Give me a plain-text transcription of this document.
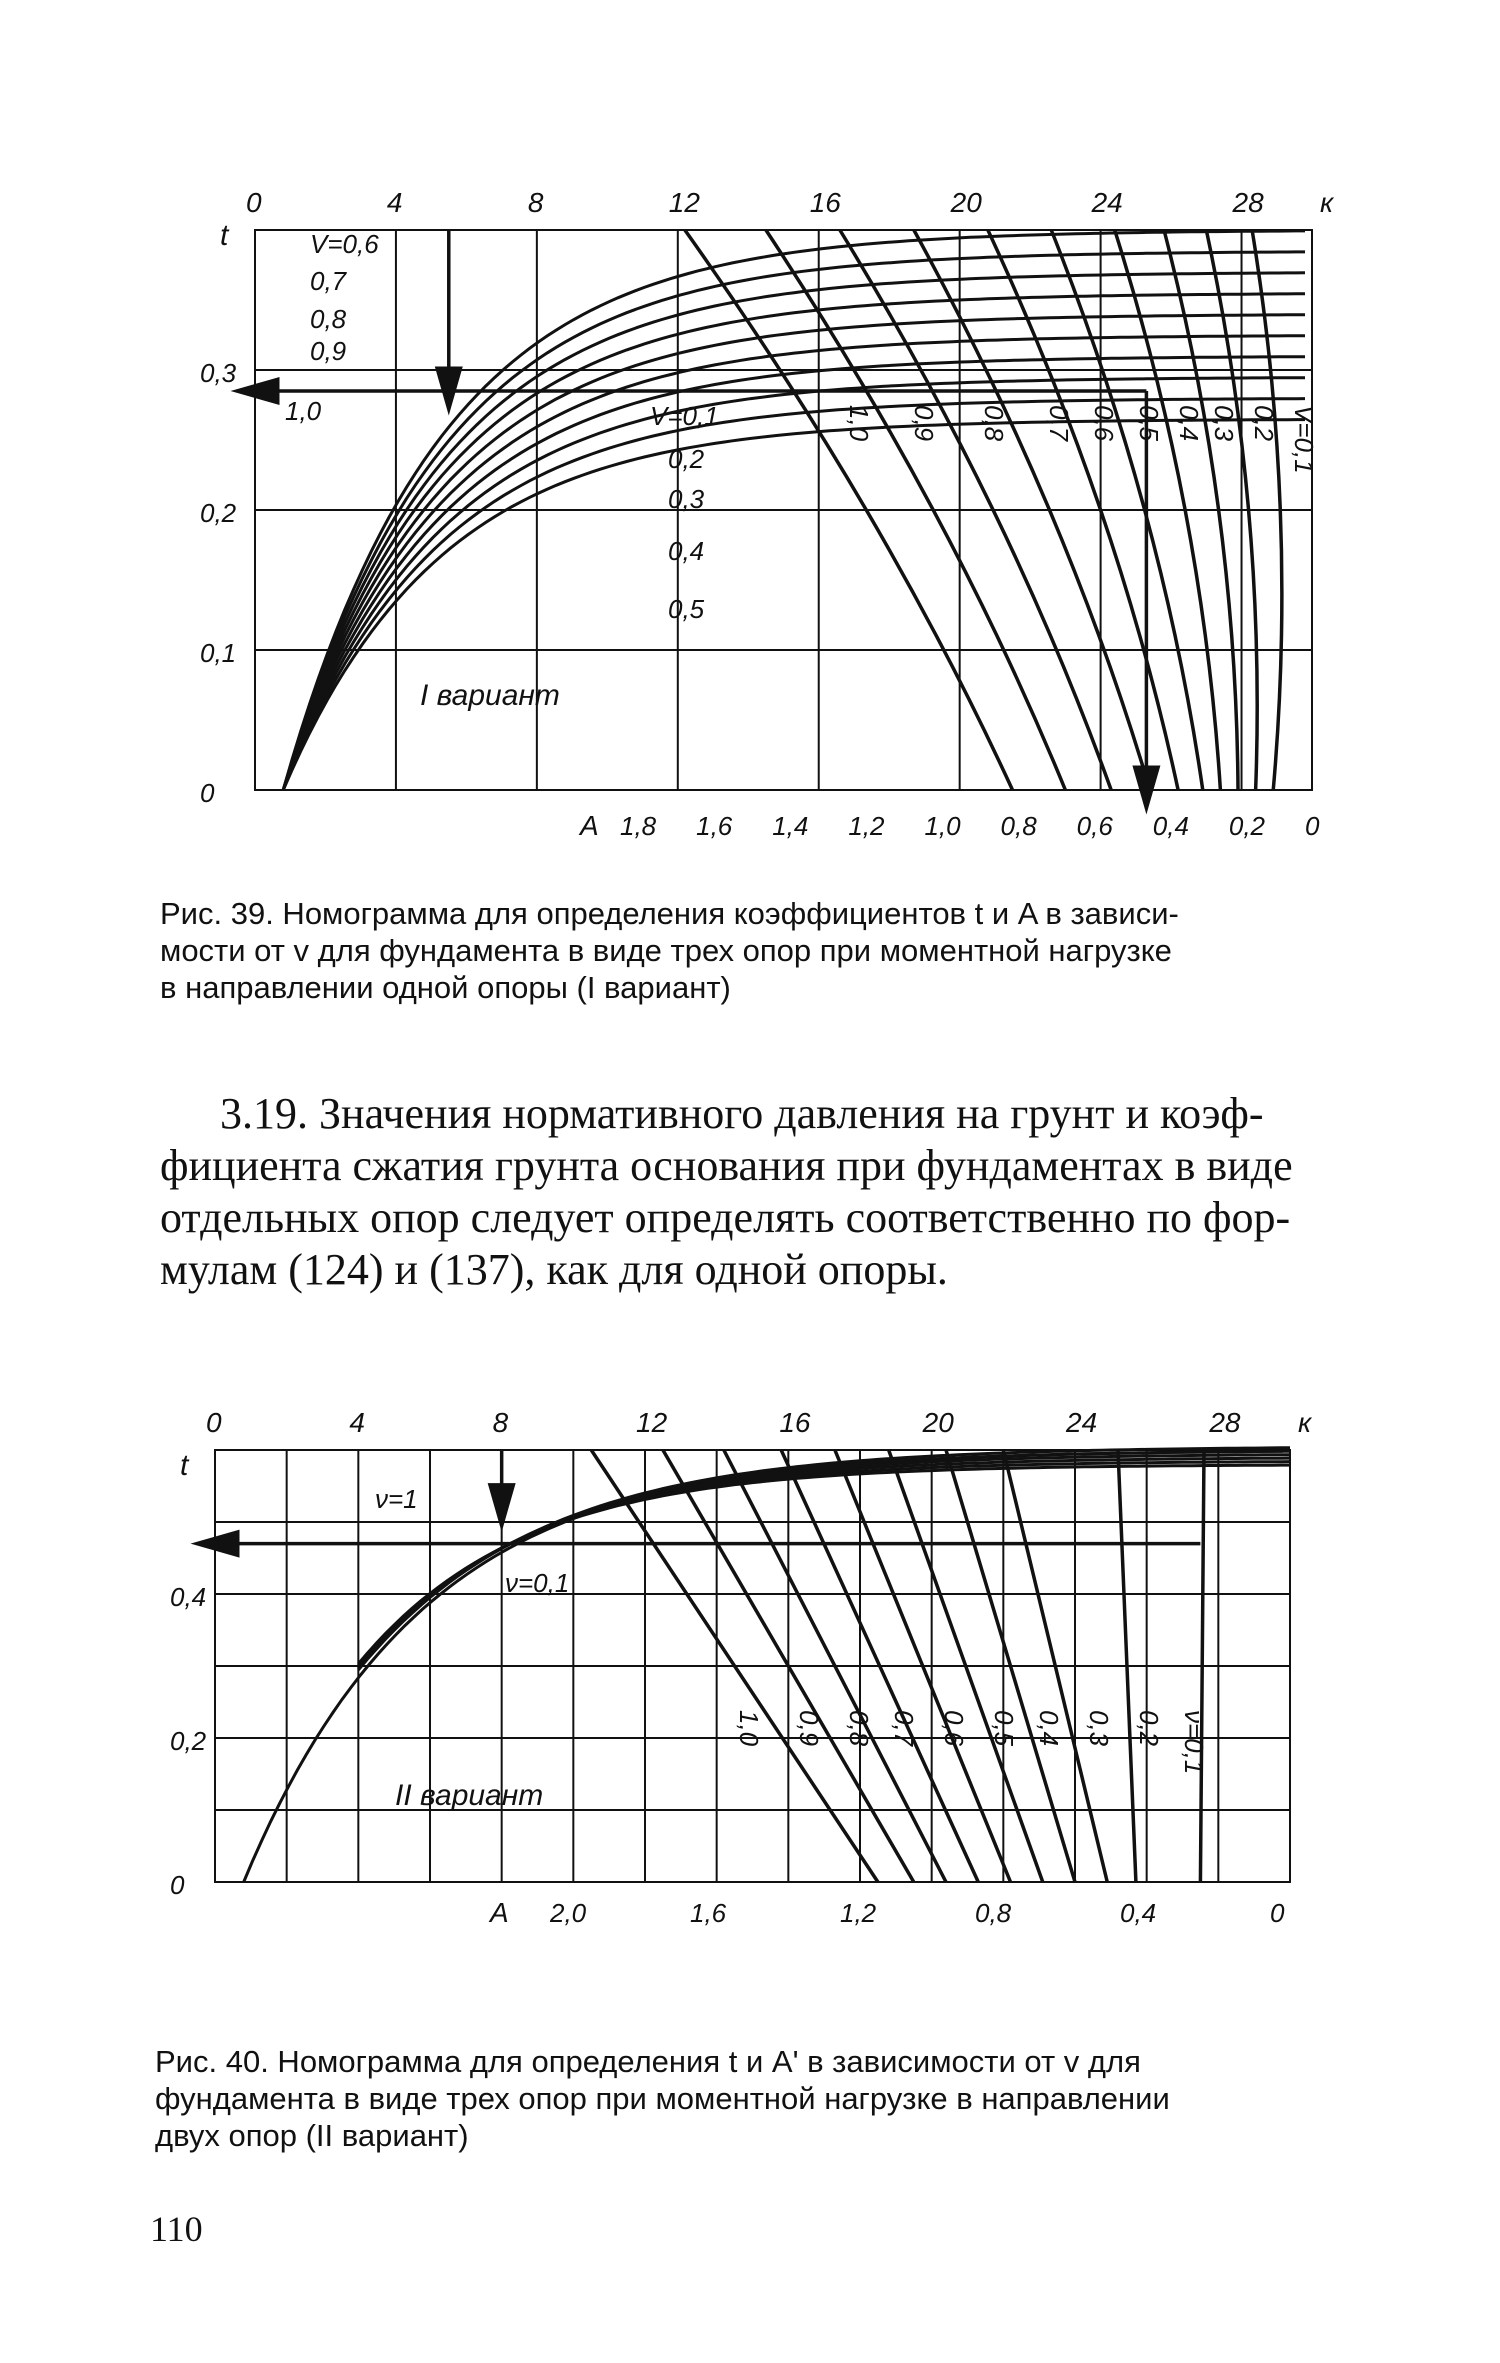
0	4	8	12	16	20	24	28 к
t
0,3
0,2
0,1
0
A 1,8 1,6 1,4 1,2 1,0 0,8 0,6 0,4 0,2 0
I вариант
V=0,6
0,7
0,8
0,9
1,0	V=0,1
0,2
0,3
0,4
0,5
1,0 0,9 0,8 0,7 0,6 0,5 0,4 0,3 0,2 V=0,1
Рис. 39. Номограмма для определения коэффициентов t и A в зависи-
мости от v для фундамента в виде трех опор при моментной нагрузке
в направлении одной опоры (I вариант)
3.19. Значения нормативного давления на грунт и коэф-
фициента сжатия грунта основания при фундаментах в виде
отдельных опор следует определять соответственно по фор-
мулам (124) и (137), как для одной опоры.
0	4	8	12	16	20	24	28 к
t
0,4
0,2
0
A 2,0	1,6	1,2	0,8	0,4	0
II вариант
ν=1
ν=0,1
1,0 0,9 0,8 0,7 0,6 0,5 0,4 0,3 0,2 ν=0,1
Рис. 40. Номограмма для определения t и A' в зависимости от v для
фундамента в виде трех опор при моментной нагрузке в направлении
двух опор (II вариант)
110
